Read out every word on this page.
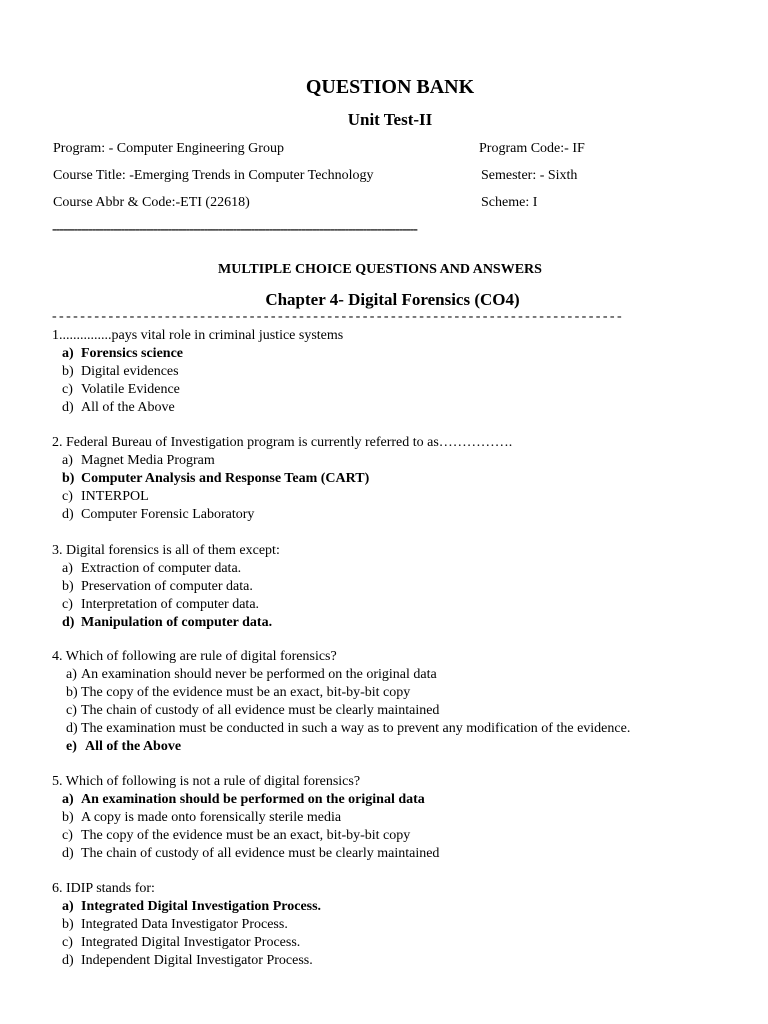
QUESTION BANK
Unit Test-II
Program: - Computer Engineering Group	Program Code:- IF
Course Title: -Emerging Trends in Computer Technology	Semester: - Sixth
Course Abbr & Code:-ETI (22618)	Scheme: I
-----------------------------------------------------------------------------------------------------
MULTIPLE CHOICE QUESTIONS AND ANSWERS
Chapter 4- Digital Forensics (CO4)
---------------------------------------------------------------------------------
1...............pays vital role in criminal justice systems
a) Forensics science
b) Digital evidences
c) Volatile Evidence
d) All of the Above
2. Federal Bureau of Investigation program is currently referred to as…………….
a) Magnet Media Program
b) Computer Analysis and Response Team (CART)
c) INTERPOL
d) Computer Forensic Laboratory
3. Digital forensics is all of them except:
a) Extraction of computer data.
b) Preservation of computer data.
c) Interpretation of computer data.
d) Manipulation of computer data.
4. Which of following are rule of digital forensics?
a) An examination should never be performed on the original data
b) The copy of the evidence must be an exact, bit-by-bit copy
c) The chain of custody of all evidence must be clearly maintained
d) The examination must be conducted in such a way as to prevent any modification of the evidence.
e) All of the Above
5. Which of following is not a rule of digital forensics?
a) An examination should be performed on the original data
b) A copy is made onto forensically sterile media
c) The copy of the evidence must be an exact, bit-by-bit copy
d) The chain of custody of all evidence must be clearly maintained
6. IDIP stands for:
a) Integrated Digital Investigation Process.
b) Integrated Data Investigator Process.
c) Integrated Digital Investigator Process.
d) Independent Digital Investigator Process.
